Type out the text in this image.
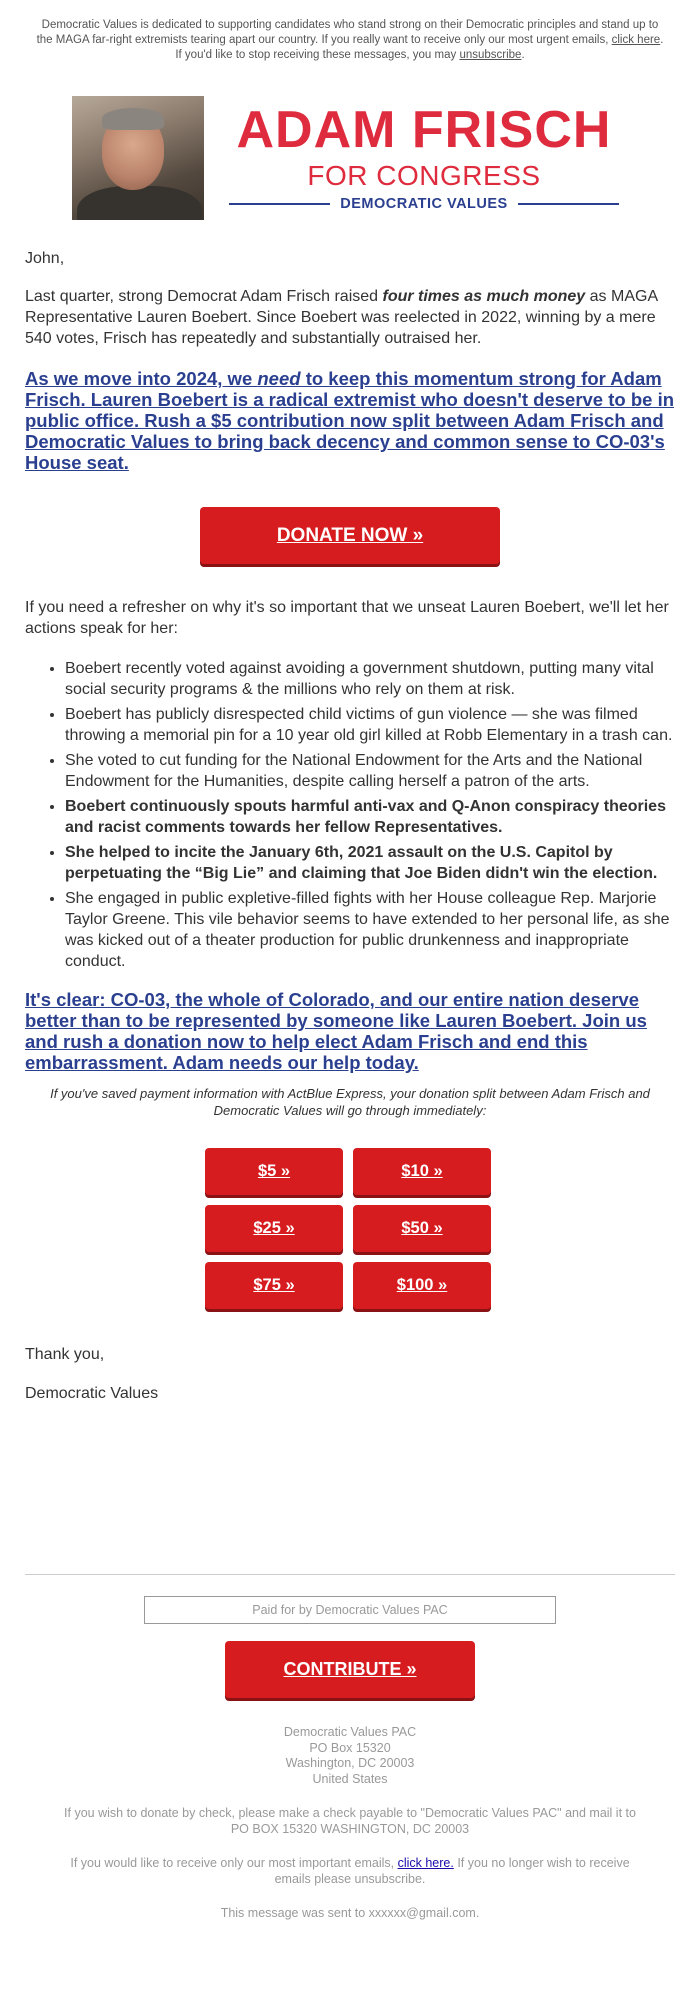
Democratic Values is dedicated to supporting candidates who stand strong on their Democratic principles and stand up to the MAGA far-right extremists tearing apart our country. If you really want to receive only our most urgent emails, click here. If you'd like to stop receiving these messages, you may unsubscribe.

ADAM FRISCH
FOR CONGRESS
DEMOCRATIC VALUES

John,

Last quarter, strong Democrat Adam Frisch raised four times as much money as MAGA Representative Lauren Boebert. Since Boebert was reelected in 2022, winning by a mere 540 votes, Frisch has repeatedly and substantially outraised her.

As we move into 2024, we need to keep this momentum strong for Adam Frisch. Lauren Boebert is a radical extremist who doesn't deserve to be in public office. Rush a $5 contribution now split between Adam Frisch and Democratic Values to bring back decency and common sense to CO-03's House seat.

DONATE NOW »

If you need a refresher on why it's so important that we unseat Lauren Boebert, we'll let her actions speak for her:

• Boebert recently voted against avoiding a government shutdown, putting many vital social security programs & the millions who rely on them at risk.
• Boebert has publicly disrespected child victims of gun violence — she was filmed throwing a memorial pin for a 10 year old girl killed at Robb Elementary in a trash can.
• She voted to cut funding for the National Endowment for the Arts and the National Endowment for the Humanities, despite calling herself a patron of the arts.
• Boebert continuously spouts harmful anti-vax and Q-Anon conspiracy theories and racist comments towards her fellow Representatives.
• She helped to incite the January 6th, 2021 assault on the U.S. Capitol by perpetuating the “Big Lie” and claiming that Joe Biden didn't win the election.
• She engaged in public expletive-filled fights with her House colleague Rep. Marjorie Taylor Greene. This vile behavior seems to have extended to her personal life, as she was kicked out of a theater production for public drunkenness and inappropriate conduct.

It's clear: CO-03, the whole of Colorado, and our entire nation deserve better than to be represented by someone like Lauren Boebert. Join us and rush a donation now to help elect Adam Frisch and end this embarrassment. Adam needs our help today.

If you've saved payment information with ActBlue Express, your donation split between Adam Frisch and Democratic Values will go through immediately:

$5 »	$10 »
$25 »	$50 »
$75 »	$100 »

Thank you,

Democratic Values

Paid for by Democratic Values PAC
CONTRIBUTE »
Democratic Values PAC
PO Box 15320
Washington, DC 20003
United States

If you wish to donate by check, please make a check payable to "Democratic Values PAC" and mail it to PO BOX 15320 WASHINGTON, DC 20003

If you would like to receive only our most important emails, click here. If you no longer wish to receive emails please unsubscribe.

This message was sent to xxxxxx@gmail.com.
